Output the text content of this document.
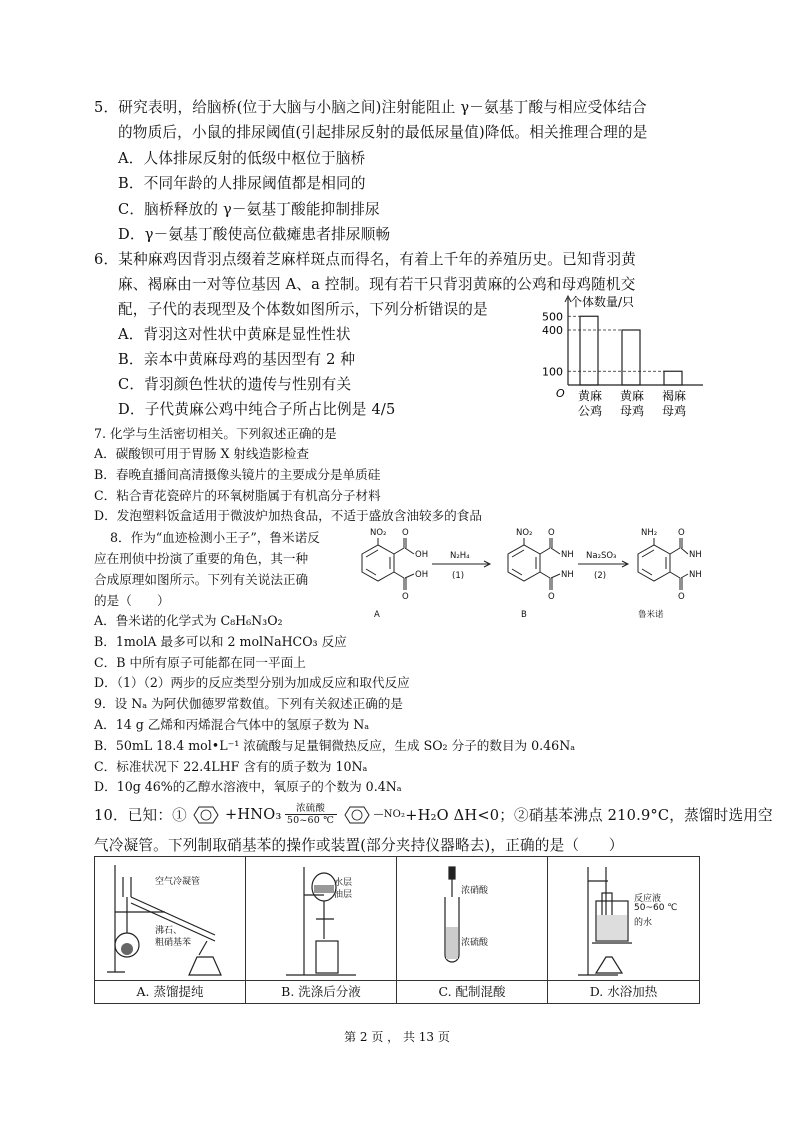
5．研究表明，给脑桥(位于大脑与小脑之间)注射能阻止 γ－氨基丁酸与相应受体结合
的物质后，小鼠的排尿阈值(引起排尿反射的最低尿量值)降低。相关推理合理的是
A．人体排尿反射的低级中枢位于脑桥
B．不同年龄的人排尿阈值都是相同的
C．脑桥释放的 γ－氨基丁酸能抑制排尿
D．γ－氨基丁酸使高位截瘫患者排尿顺畅
6．某种麻鸡因背羽点缀着芝麻样斑点而得名，有着上千年的养殖历史。已知背羽黄
麻、褐麻由一对等位基因 A、a 控制。现有若干只背羽黄麻的公鸡和母鸡随机交
配，子代的表现型及个体数如图所示，下列分析错误的是
A．背羽这对性状中黄麻是显性性状
B．亲本中黄麻母鸡的基因型有 2 种
C．背羽颜色性状的遗传与性别有关
D．子代黄麻公鸡中纯合子所占比例是 4/5
个体数量/只
O
500
黄麻
公鸡
400
黄麻
母鸡
100
褐麻
母鸡
7. 化学与生活密切相关。下列叙述正确的是
A．碳酸钡可用于胃肠 X 射线造影检查
B．春晚直播间高清摄像头镜片的主要成分是单质硅
C．粘合青花瓷碎片的环氧树脂属于有机高分子材料
D．发泡塑料饭盒适用于微波炉加热食品，不适于盛放含油较多的食品
8．作为“血迹检测小王子”，鲁米诺反
应在刑侦中扮演了重要的角色，其一种
合成原理如图所示。下列有关说法正确
的是（　　）
A．鲁米诺的化学式为 C₈H₆N₃O₂
B．1molA 最多可以和 2 molNaHCO₃ 反应
C．B 中所有原子可能都在同一平面上
D．（1）（2）两步的反应类型分别为加成反应和取代反应
NO₂ O
OH
OH
O
A
N₂H₄
(1)
NO₂ O
NH
NH
O
B
Na₂SO₃
(2)
NH₂ O
NH
NH
O
鲁米诺
9．设 Nₐ 为阿伏伽德罗常数值。下列有关叙述正确的是
A．14 g 乙烯和丙烯混合气体中的氢原子数为 Nₐ
B．50mL 18.4 mol•L⁻¹ 浓硫酸与足量铜微热反应，生成 SO₂ 分子的数目为 0.46Nₐ
C．标准状况下 22.4LHF 含有的质子数为 10Nₐ
D．10g 46%的乙醇水溶液中，氧原子的个数为 0.4Nₐ
10．已知：①	+HNO₃ 浓硫酸
50~60 ℃
—NO₂ +H₂O ΔH<0；②硝基苯沸点 210.9°C，蒸馏时选用空
气冷凝管。下列制取硝基苯的操作或装置(部分夹持仪器略去)，正确的是（　　）
空气冷凝管
沸石、
粗硝基苯
A. 蒸馏提纯
水层
油层
B. 洗涤后分液
浓硝酸
浓硫酸
C. 配制混酸
反应液
50~60 ℃
的水
D. 水浴加热
第 2 页 ， 共 13 页
